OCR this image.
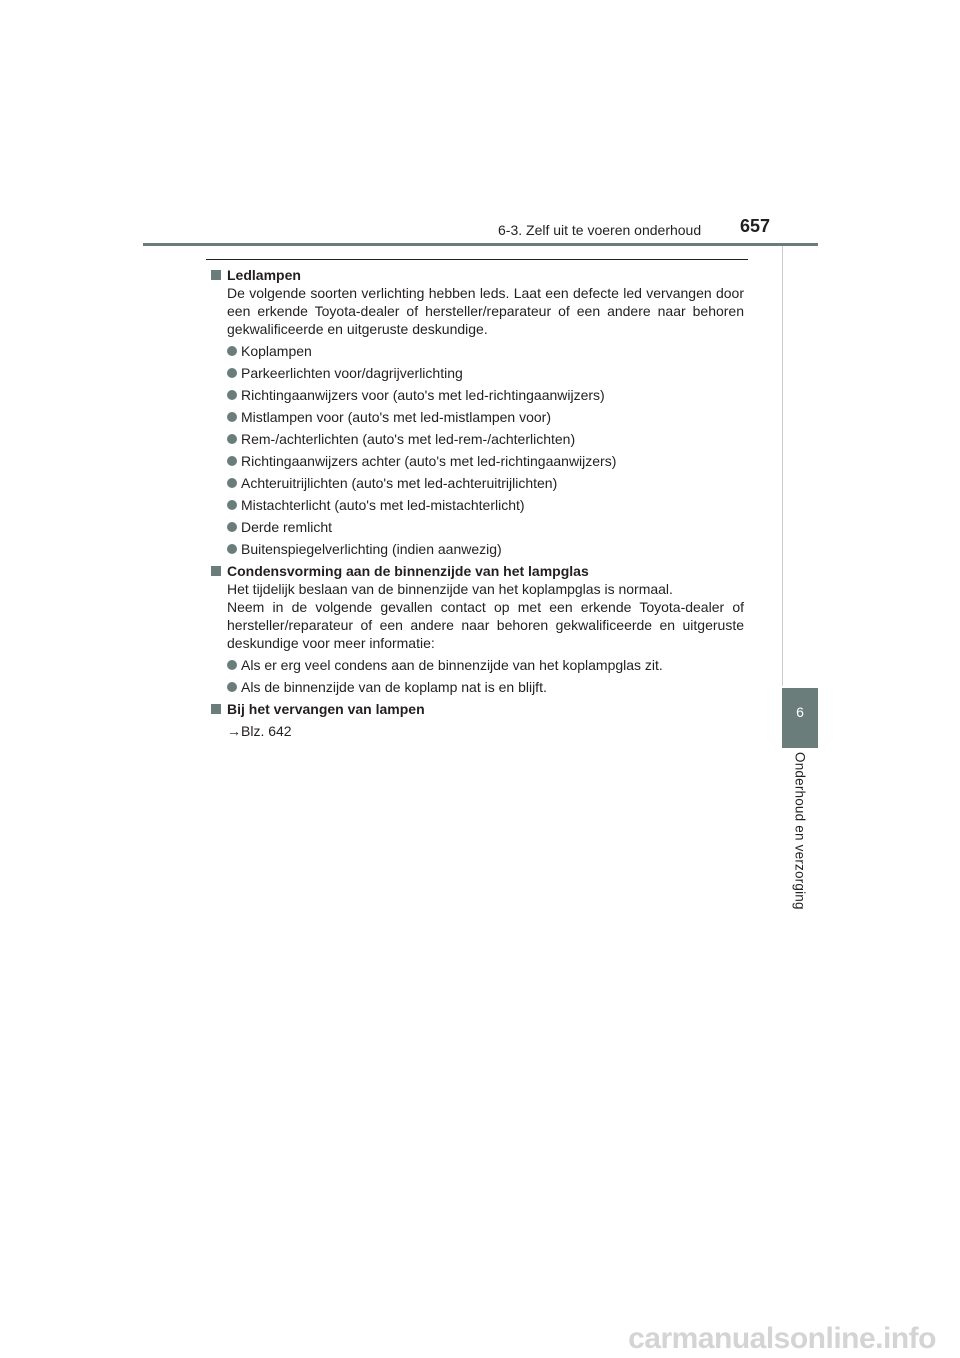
6-3. Zelf uit te voeren onderhoud 657
6
Onderhoud en verzorging
Ledlampen
De volgende soorten verlichting hebben leds. Laat een defecte led vervangen door een erkende Toyota-dealer of hersteller/reparateur of een andere naar behoren gekwalificeerde en uitgeruste deskundige.
Koplampen
Parkeerlichten voor/dagrijverlichting
Richtingaanwijzers voor (auto's met led-richtingaanwijzers)
Mistlampen voor (auto's met led-mistlampen voor)
Rem-/achterlichten (auto's met led-rem-/achterlichten)
Richtingaanwijzers achter (auto's met led-richtingaanwijzers)
Achteruitrijlichten (auto's met led-achteruitrijlichten)
Mistachterlicht (auto's met led-mistachterlicht)
Derde remlicht
Buitenspiegelverlichting (indien aanwezig)
Condensvorming aan de binnenzijde van het lampglas
Het tijdelijk beslaan van de binnenzijde van het koplampglas is normaal.
Neem in de volgende gevallen contact op met een erkende Toyota-dealer of hersteller/reparateur of een andere naar behoren gekwalificeerde en uitgeruste deskundige voor meer informatie:
Als er erg veel condens aan de binnenzijde van het koplampglas zit.
Als de binnenzijde van de koplamp nat is en blijft.
Bij het vervangen van lampen
→Blz. 642
carmanualsonline.info
